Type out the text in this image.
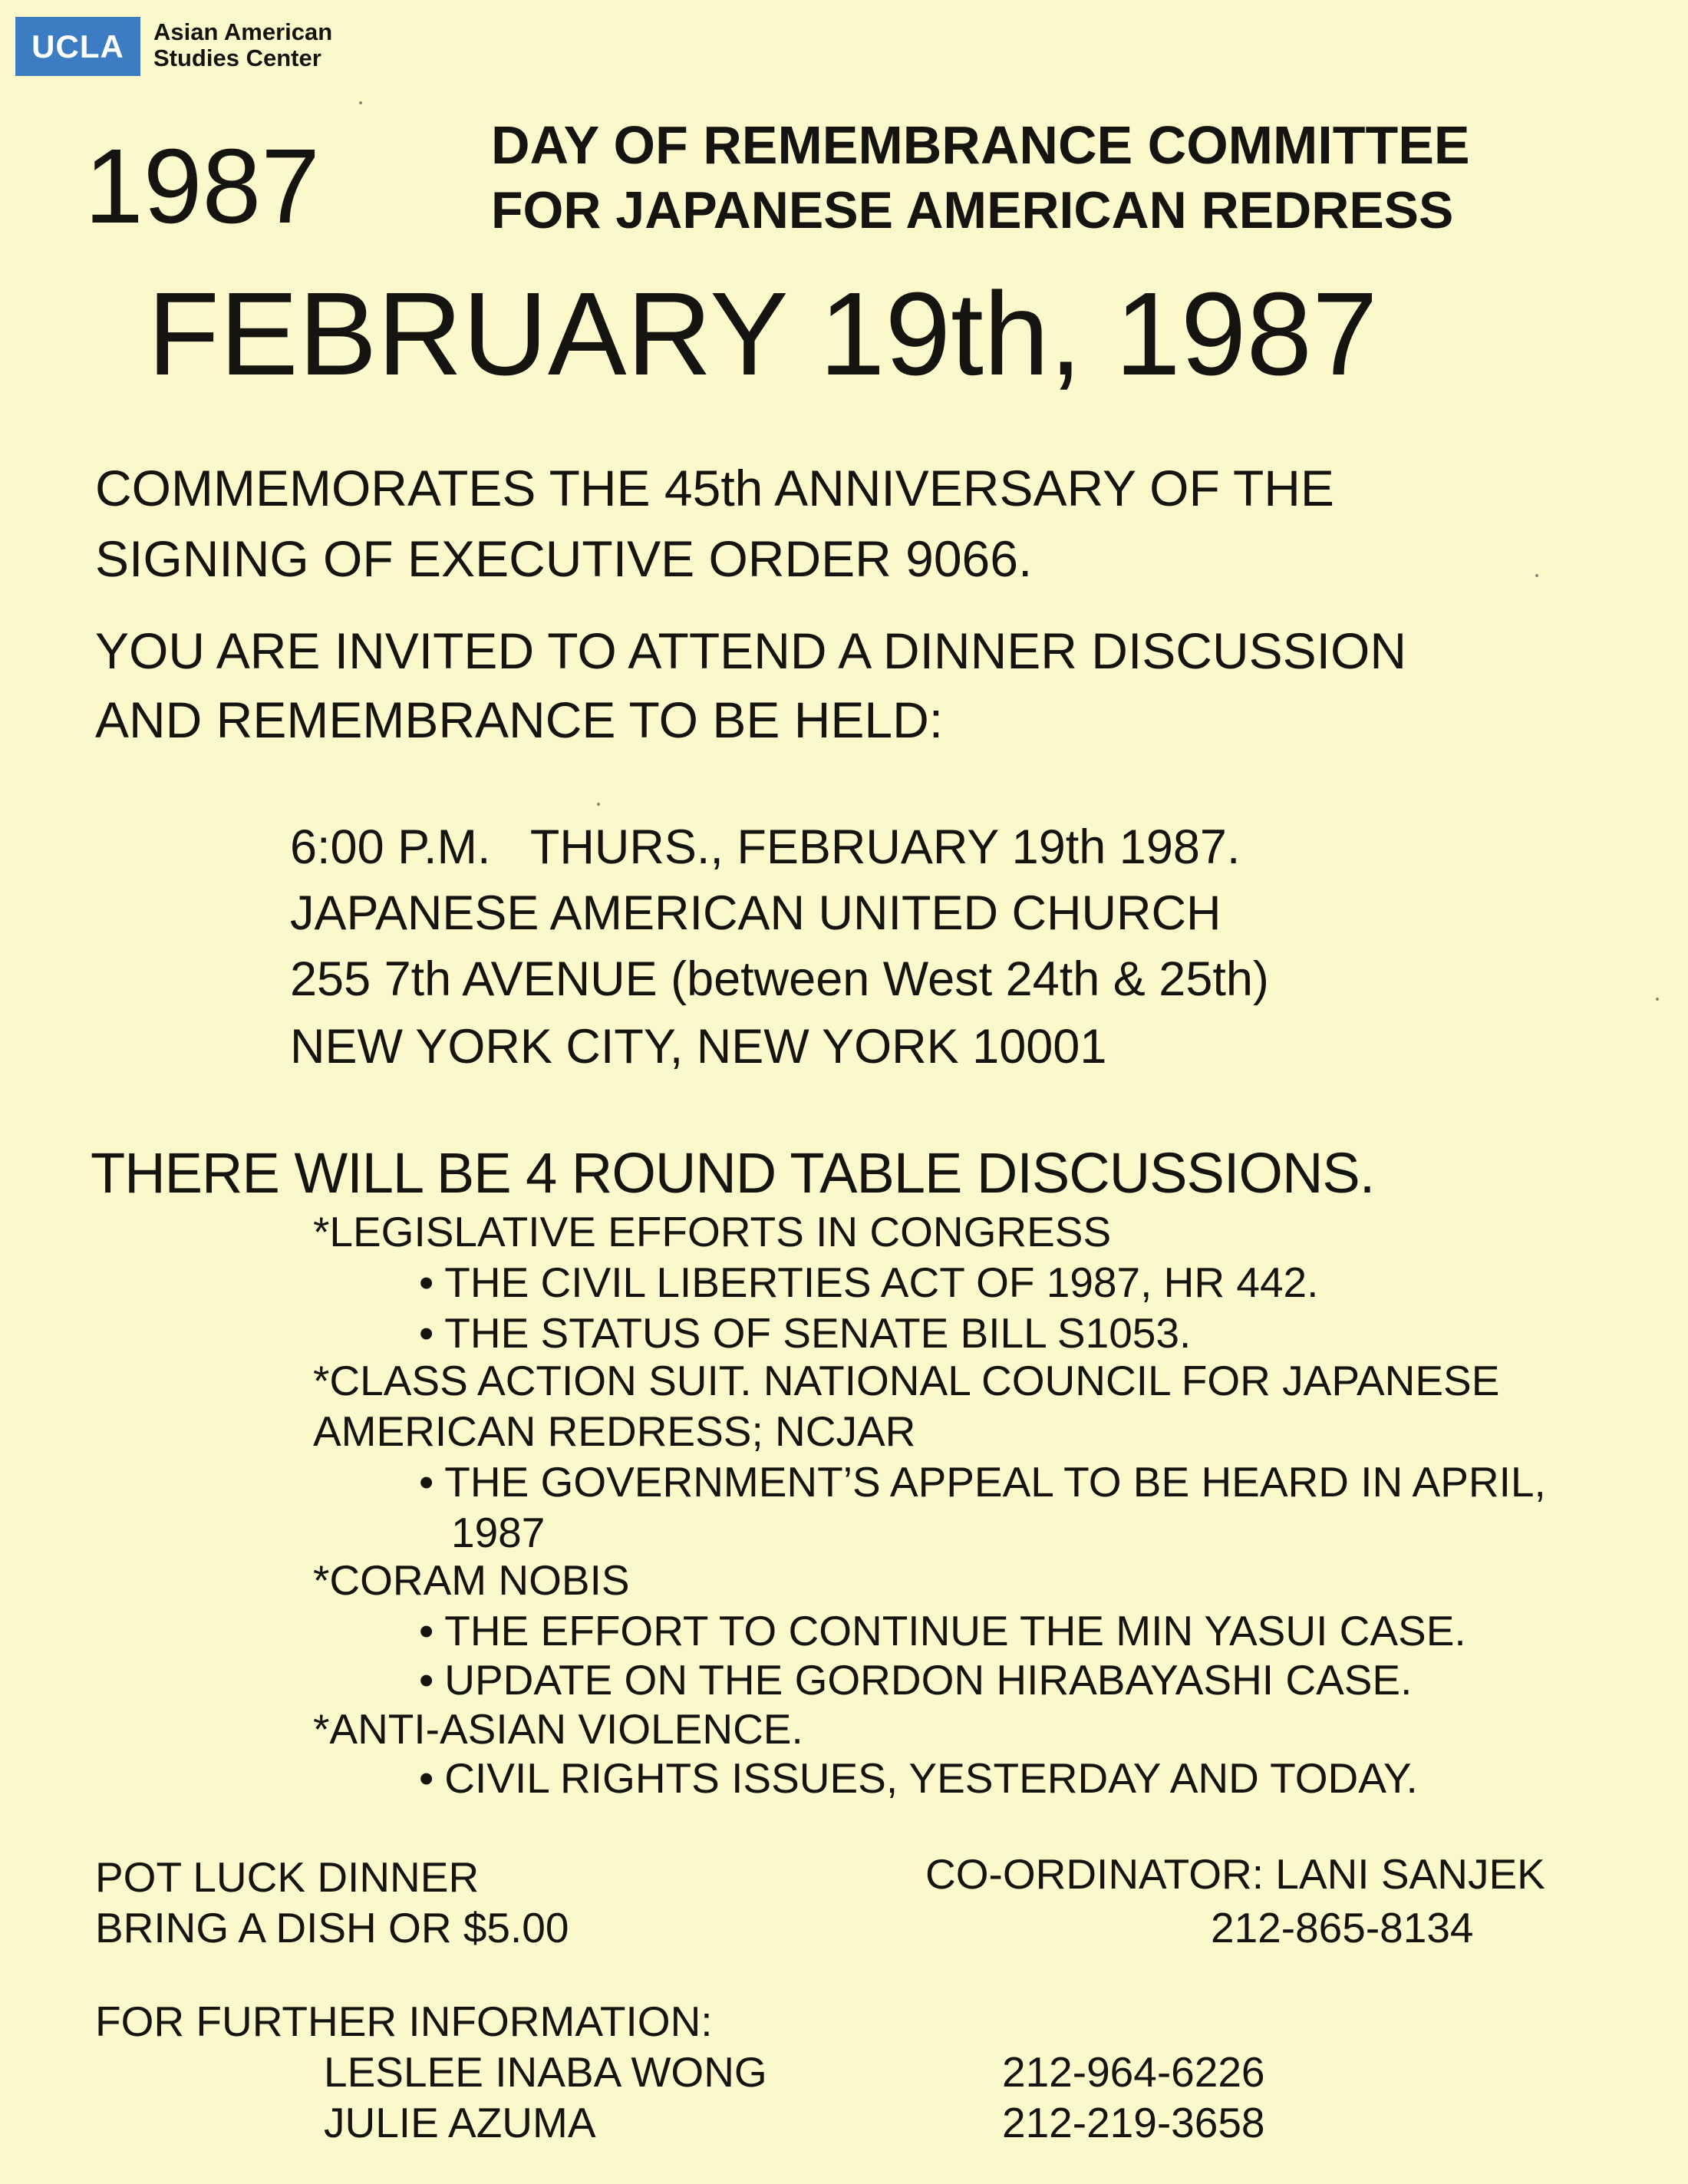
UCLA	Asian American
Studies Center
1987	DAY OF REMEMBRANCE COMMITTEE
FOR JAPANESE AMERICAN REDRESS
FEBRUARY 19th, 1987
COMMEMORATES THE 45th ANNIVERSARY OF THE
SIGNING OF EXECUTIVE ORDER 9066.
YOU ARE INVITED TO ATTEND A DINNER DISCUSSION
AND REMEMBRANCE TO BE HELD:
6:00 P.M.   THURS., FEBRUARY 19th 1987.
JAPANESE AMERICAN UNITED CHURCH
255 7th AVENUE (between West 24th & 25th)
NEW YORK CITY, NEW YORK 10001
THERE WILL BE 4 ROUND TABLE DISCUSSIONS.
*LEGISLATIVE EFFORTS IN CONGRESS
• THE CIVIL LIBERTIES ACT OF 1987, HR 442.
• THE STATUS OF SENATE BILL S1053.
*CLASS ACTION SUIT. NATIONAL COUNCIL FOR JAPANESE
AMERICAN REDRESS; NCJAR
• THE GOVERNMENT’S APPEAL TO BE HEARD IN APRIL,
1987
*CORAM NOBIS
• THE EFFORT TO CONTINUE THE MIN YASUI CASE.
• UPDATE ON THE GORDON HIRABAYASHI CASE.
*ANTI-ASIAN VIOLENCE.
• CIVIL RIGHTS ISSUES, YESTERDAY AND TODAY.
POT LUCK DINNER
BRING A DISH OR $5.00
CO-ORDINATOR: LANI SANJEK
212-865-8134
FOR FURTHER INFORMATION:
LESLEE INABA WONG	212-964-6226
JULIE AZUMA	212-219-3658
